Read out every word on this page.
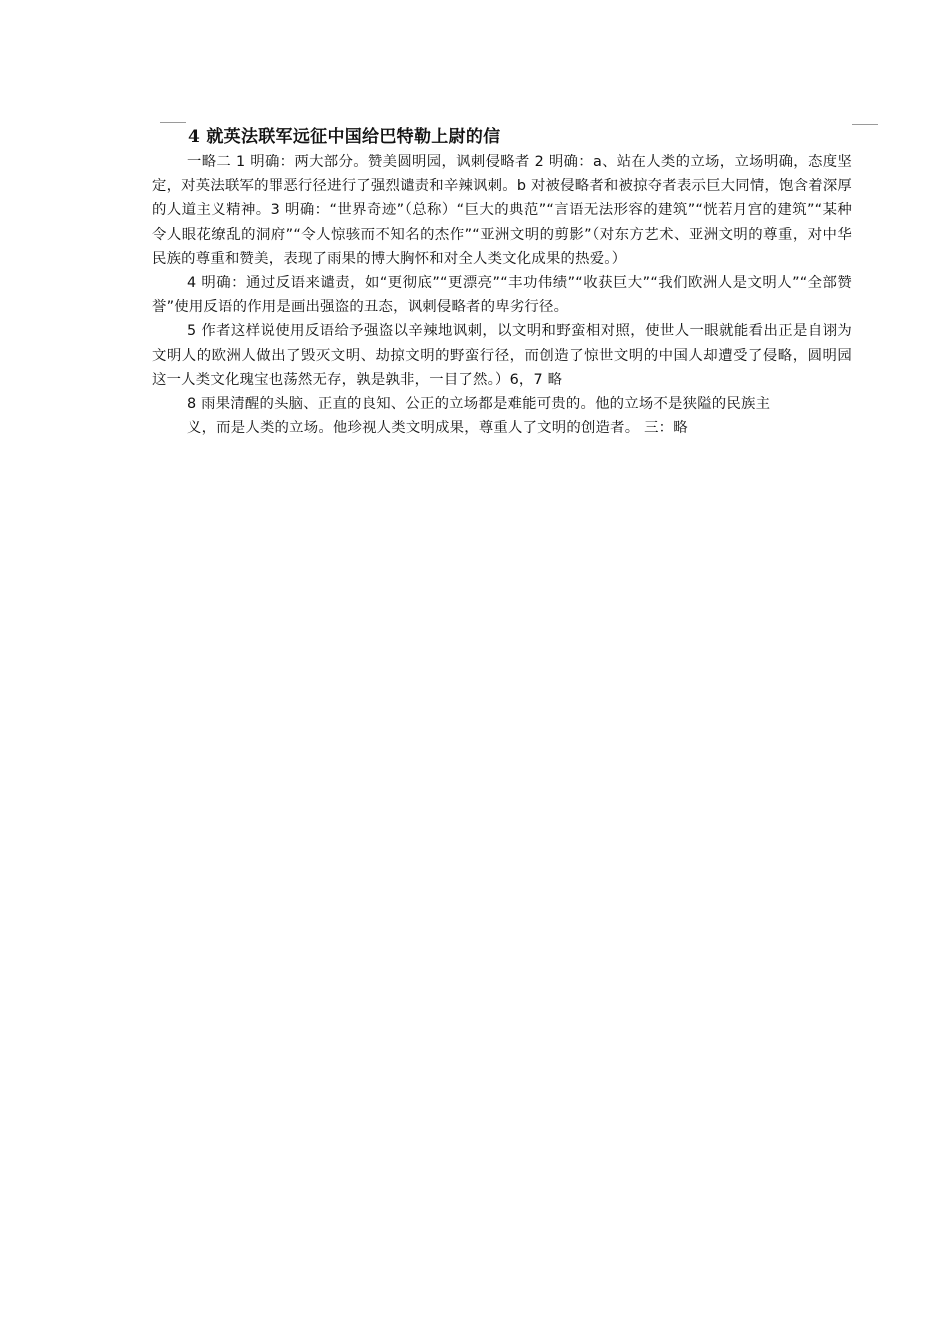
4 就英法联军远征中国给巴特勒上尉的信

一略二 1 明确：两大部分。赞美圆明园，讽刺侵略者 2 明确：a、站在人类的立场，立场明确，态度坚定，对英法联军的罪恶行径进行了强烈谴责和辛辣讽刺。b 对被侵略者和被掠夺者表示巨大同情，饱含着深厚的人道主义精神。3 明确：“世界奇迹”（总称）“巨大的典范”“言语无法形容的建筑”“恍若月宫的建筑”“某种令人眼花缭乱的洞府”“令人惊骇而不知名的杰作”“亚洲文明的剪影”（对东方艺术、亚洲文明的尊重，对中华民族的尊重和赞美，表现了雨果的博大胸怀和对全人类文化成果的热爱。）

4 明确：通过反语来谴责，如“更彻底”“更漂亮”“丰功伟绩”“收获巨大”“我们欧洲人是文明人”“全部赞誉”使用反语的作用是画出强盗的丑态，讽刺侵略者的卑劣行径。

5 作者这样说使用反语给予强盗以辛辣地讽刺，以文明和野蛮相对照，使世人一眼就能看出正是自诩为文明人的欧洲人做出了毁灭文明、劫掠文明的野蛮行径，而创造了惊世文明的中国人却遭受了侵略，圆明园这一人类文化瑰宝也荡然无存，孰是孰非，一目了然。）6，7 略

8 雨果清醒的头脑、正直的良知、公正的立场都是难能可贵的。他的立场不是狭隘的民族主

义，而是人类的立场。他珍视人类文明成果，尊重人了文明的创造者。 三：略
